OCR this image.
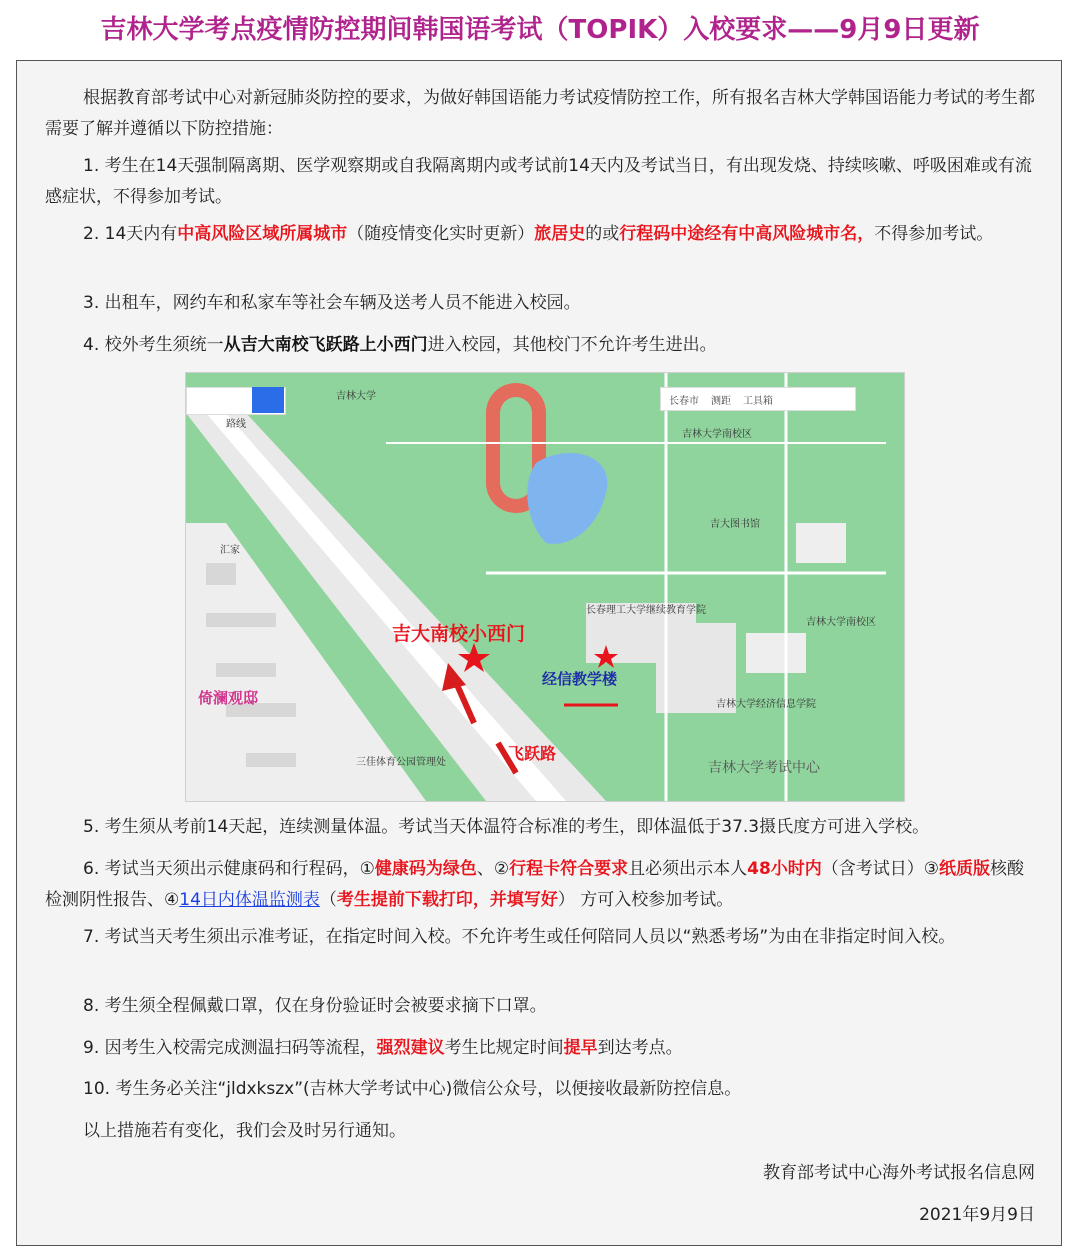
吉林大学考点疫情防控期间韩国语考试（TOPIK）入校要求——9月9日更新

根据教育部考试中心对新冠肺炎防控的要求，为做好韩国语能力考试疫情防控工作，所有报名吉林大学韩国语能力考试的考生都需要了解并遵循以下防控措施：

1. 考生在14天强制隔离期、医学观察期或自我隔离期内或考试前14天内及考试当日，有出现发烧、持续咳嗽、呼吸困难或有流感症状，不得参加考试。

2. 14天内有中高风险区域所属城市（随疫情变化实时更新）旅居史的或行程码中途经有中高风险城市名，不得参加考试。

3. 出租车，网约车和私家车等社会车辆及送考人员不能进入校园。

4. 校外考生须统一从吉大南校飞跃路上小西门进入校园，其他校门不允许考生进出。

路线
长春市 测距 工具箱
吉林大学
吉林大学南校区
汇家
三佳体育公园管理处
长春理工大学继续教育学院
吉大图书馆
吉林大学经济信息学院
吉林大学南校区
吉大南校小西门
经信教学楼
飞跃路
倚澜观邸
吉林大学考试中心

5. 考生须从考前14天起，连续测量体温。考试当天体温符合标准的考生，即体温低于37.3摄氏度方可进入学校。

6. 考试当天须出示健康码和行程码，①健康码为绿色、②行程卡符合要求且必须出示本人48小时内（含考试日）③纸质版核酸检测阴性报告、④14日内体温监测表（考生提前下载打印，并填写好） 方可入校参加考试。

7. 考试当天考生须出示准考证，在指定时间入校。不允许考生或任何陪同人员以“熟悉考场”为由在非指定时间入校。

8. 考生须全程佩戴口罩，仅在身份验证时会被要求摘下口罩。

9. 因考生入校需完成测温扫码等流程，强烈建议考生比规定时间提早到达考点。

10. 考生务必关注“jldxkszx”(吉林大学考试中心)微信公众号，以便接收最新防控信息。

以上措施若有变化，我们会及时另行通知。

教育部考试中心海外考试报名信息网

2021年9月9日
